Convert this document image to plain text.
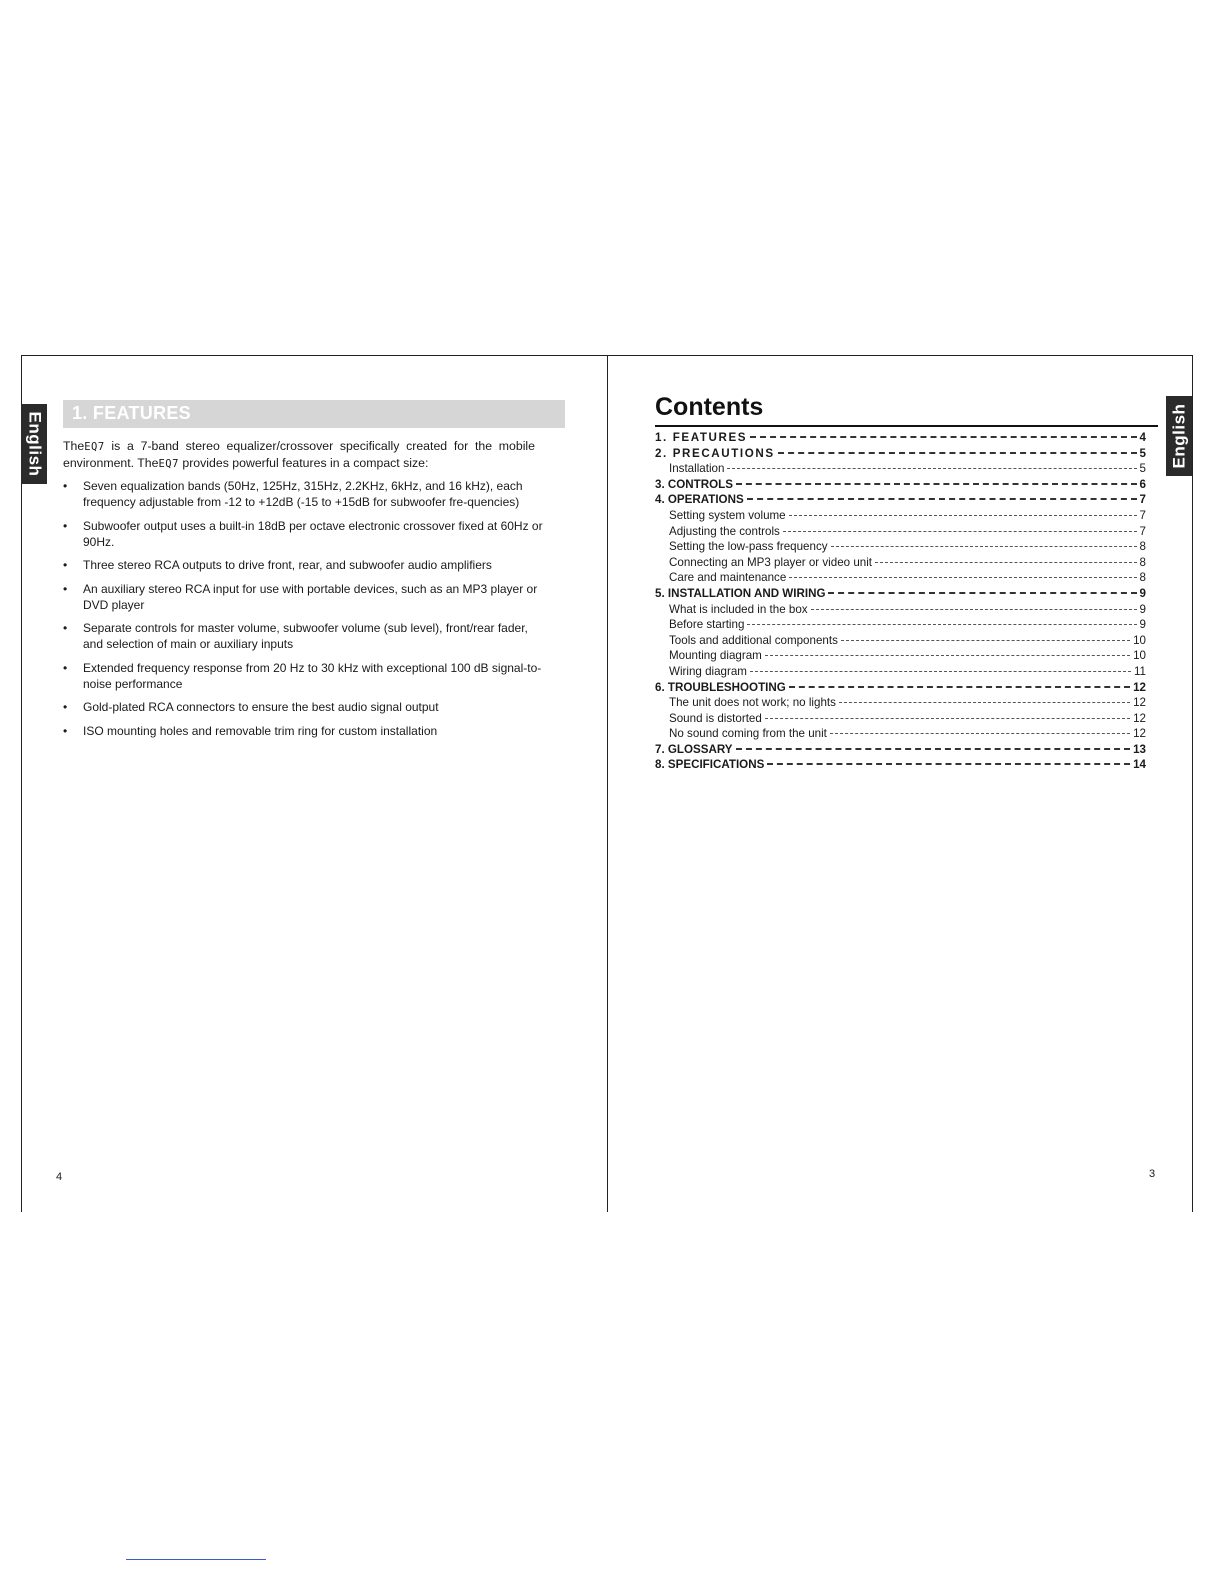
English	English
1. FEATURES
TheEQ7 is a 7-band stereo equalizer/crossover specifically created for the mobile environment. TheEQ7 provides powerful features in a compact size:
• Seven equalization bands (50Hz, 125Hz, 315Hz, 2.2KHz, 6kHz, and 16 kHz), each frequency adjustable from -12 to +12dB (-15 to +15dB for subwoofer fre-quencies)
• Subwoofer output uses a built-in 18dB per octave electronic crossover fixed at 60Hz or 90Hz.
• Three stereo RCA outputs to drive front, rear, and subwoofer audio amplifiers
• An auxiliary stereo RCA input for use with portable devices, such as an MP3 player or DVD player
• Separate controls for master volume, subwoofer volume (sub level), front/rear fader, and selection of main or auxiliary inputs
• Extended frequency response from 20 Hz to 30 kHz with exceptional 100 dB signal-to-noise performance
• Gold-plated RCA connectors to ensure the best audio signal output
• ISO mounting holes and removable trim ring for custom installation
4
Contents
1. FEATURES	4
2. PRECAUTIONS	5
Installation	5
3. CONTROLS	6
4. OPERATIONS	7
Setting system volume	7
Adjusting the controls	7
Setting the low-pass frequency	8
Connecting an MP3 player or video unit	8
Care and maintenance	8
5. INSTALLATION AND WIRING	9
What is included in the box	9
Before starting	9
Tools and additional components	10
Mounting diagram	10
Wiring diagram	11
6. TROUBLESHOOTING	12
The unit does not work; no lights	12
Sound is distorted	12
No sound coming from the unit	12
7. GLOSSARY	13
8. SPECIFICATIONS	14
3
